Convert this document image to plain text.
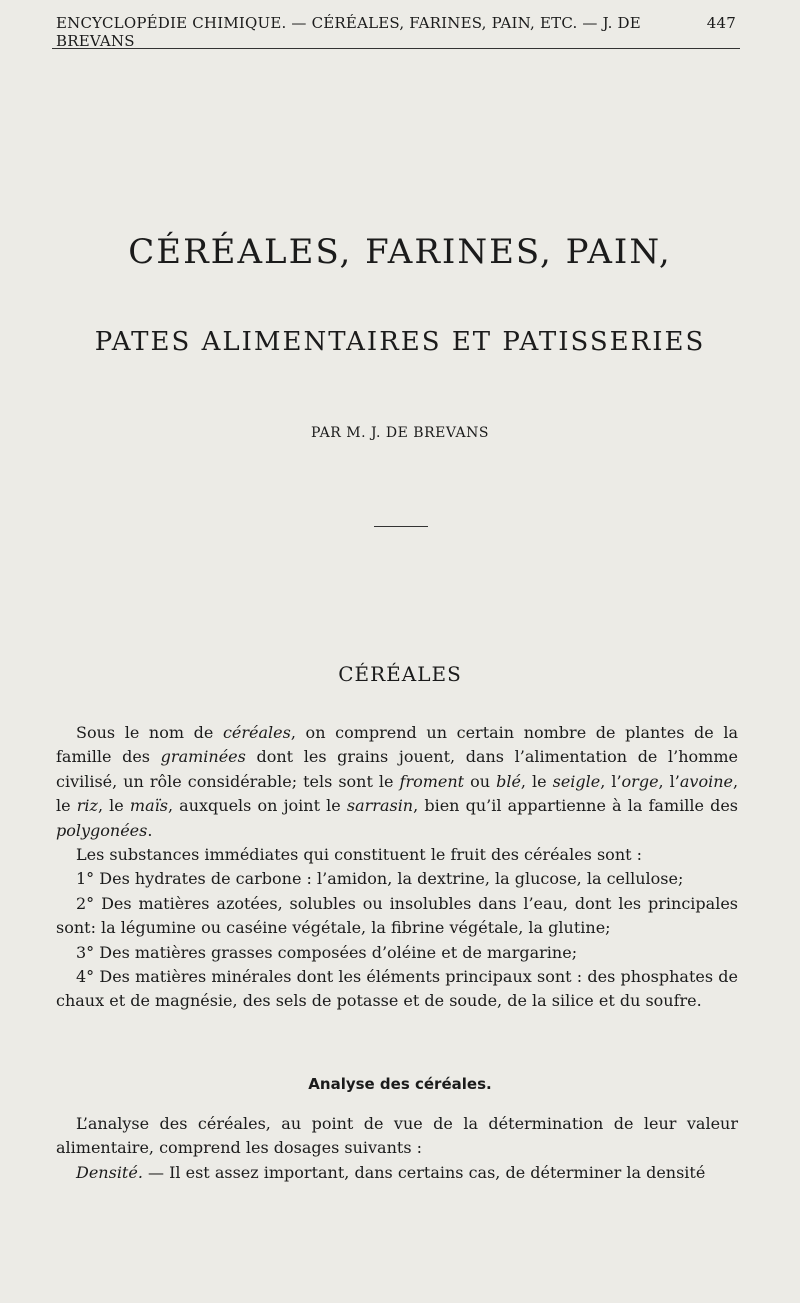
ENCYCLOPÉDIE CHIMIQUE. — CÉRÉALES, FARINES, PAIN, ETC. — J. DE BREVANS
447
CÉRÉALES, FARINES, PAIN,
PATES ALIMENTAIRES ET PATISSERIES
PAR M. J. DE BREVANS
CÉRÉALES

Sous le nom de céréales, on comprend un certain nombre de plantes de la famille des graminées dont les grains jouent, dans l’alimentation de l’homme civilisé, un rôle considérable; tels sont le froment ou blé, le seigle, l’orge, l’avoine, le riz, le maïs, auxquels on joint le sarrasin, bien qu’il appartienne à la famille des polygonées.

Les substances immédiates qui constituent le fruit des céréales sont :

1° Des hydrates de carbone : l’amidon, la dextrine, la glucose, la cellulose;

2° Des matières azotées, solubles ou insolubles dans l’eau, dont les principales sont: la légumine ou caséine végétale, la fibrine végétale, la glutine;

3° Des matières grasses composées d’oléine et de margarine;

4° Des matières minérales dont les éléments principaux sont : des phosphates de chaux et de magnésie, des sels de potasse et de soude, de la silice et du soufre.

Analyse des céréales.

L’analyse des céréales, au point de vue de la détermination de leur valeur alimentaire, comprend les dosages suivants :

Densité. — Il est assez important, dans certains cas, de déterminer la densité
